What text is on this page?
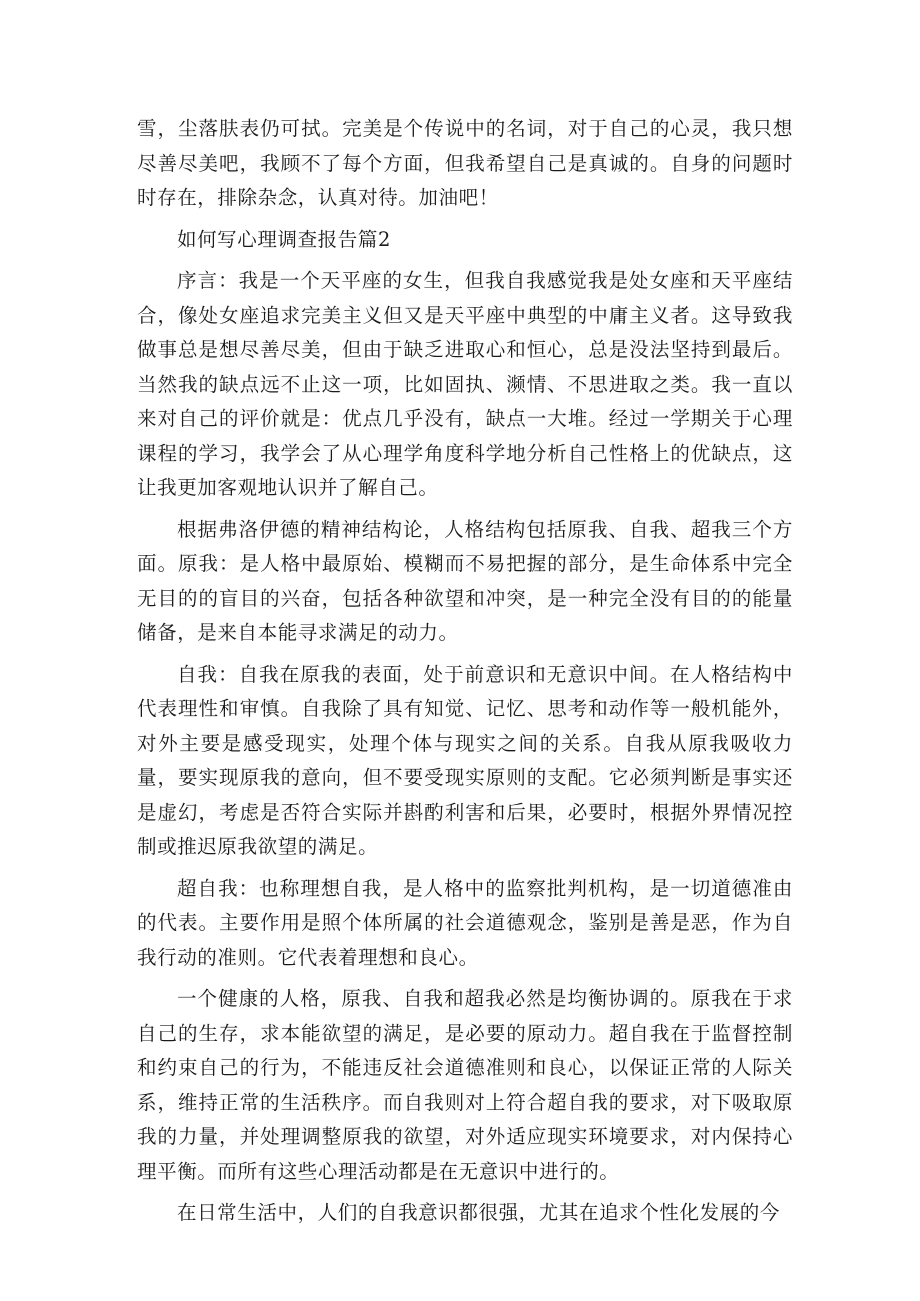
雪，尘落肤表仍可拭。完美是个传说中的名词，对于自己的心灵，我只想尽善尽美吧，我顾不了每个方面，但我希望自己是真诚的。自身的问题时时存在，排除杂念，认真对待。加油吧！

如何写心理调查报告篇2

序言：我是一个天平座的女生，但我自我感觉我是处女座和天平座结合，像处女座追求完美主义但又是天平座中典型的中庸主义者。这导致我做事总是想尽善尽美，但由于缺乏进取心和恒心，总是没法坚持到最后。当然我的缺点远不止这一项，比如固执、濒情、不思进取之类。我一直以来对自己的评价就是：优点几乎没有，缺点一大堆。经过一学期关于心理课程的学习，我学会了从心理学角度科学地分析自己性格上的优缺点，这让我更加客观地认识并了解自己。

根据弗洛伊德的精神结构论，人格结构包括原我、自我、超我三个方面。原我：是人格中最原始、模糊而不易把握的部分，是生命体系中完全无目的的盲目的兴奋，包括各种欲望和冲突，是一种完全没有目的的能量储备，是来自本能寻求满足的动力。

自我：自我在原我的表面，处于前意识和无意识中间。在人格结构中代表理性和审慎。自我除了具有知觉、记忆、思考和动作等一般机能外，对外主要是感受现实，处理个体与现实之间的关系。自我从原我吸收力量，要实现原我的意向，但不要受现实原则的支配。它必须判断是事实还是虚幻，考虑是否符合实际并斟酌利害和后果，必要时，根据外界情况控制或推迟原我欲望的满足。

超自我：也称理想自我，是人格中的监察批判机构，是一切道德准由的代表。主要作用是照个体所属的社会道德观念，鉴别是善是恶，作为自我行动的准则。它代表着理想和良心。

一个健康的人格，原我、自我和超我必然是均衡协调的。原我在于求自己的生存，求本能欲望的满足，是必要的原动力。超自我在于监督控制和约束自己的行为，不能违反社会道德准则和良心，以保证正常的人际关系，维持正常的生活秩序。而自我则对上符合超自我的要求，对下吸取原我的力量，并处理调整原我的欲望，对外适应现实环境要求，对内保持心理平衡。而所有这些心理活动都是在无意识中进行的。

在日常生活中，人们的自我意识都很强，尤其在追求个性化发展的今
